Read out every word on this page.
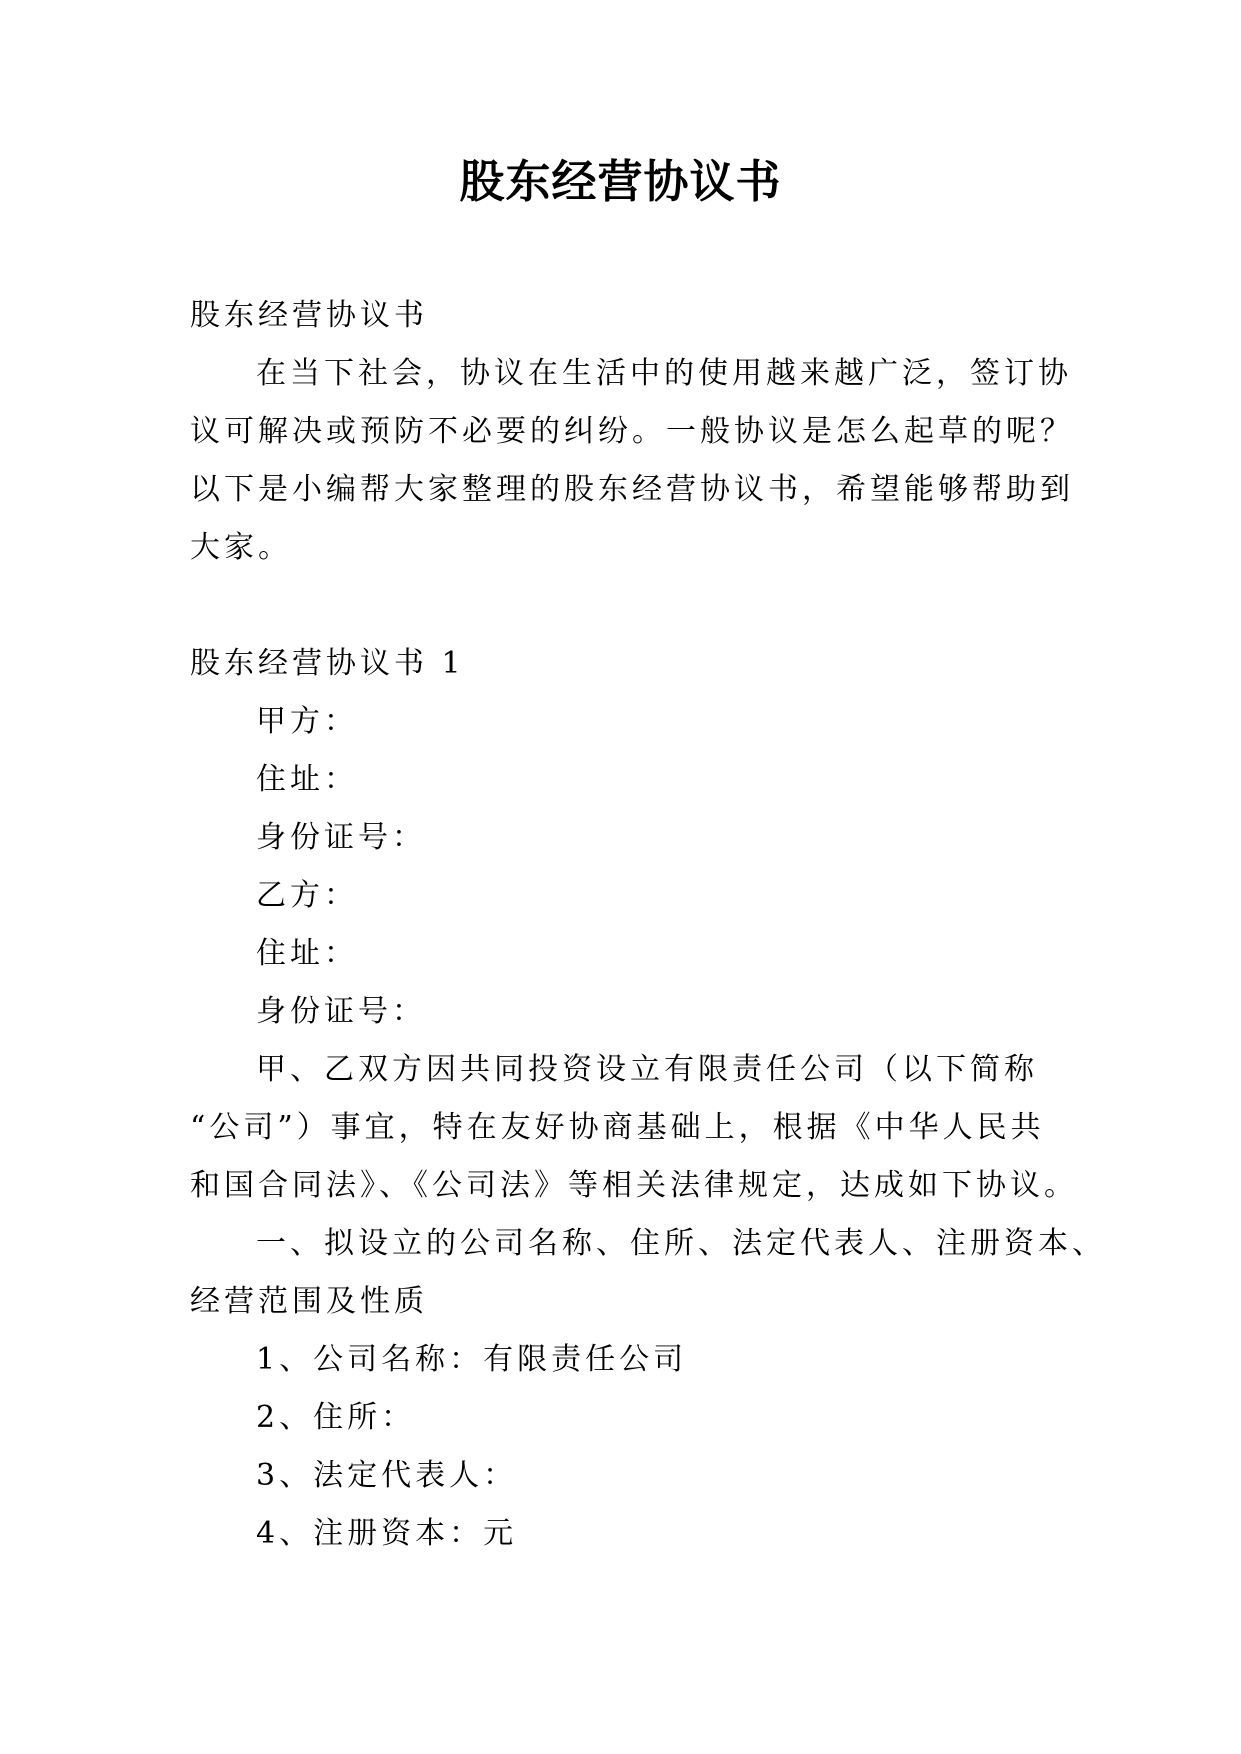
股东经营协议书
股东经营协议书
在当下社会，协议在生活中的使用越来越广泛，签订协
议可解决或预防不必要的纠纷。一般协议是怎么起草的呢？
以下是小编帮大家整理的股东经营协议书，希望能够帮助到
大家。
股东经营协议书 1
甲方：
住址：
身份证号：
乙方：
住址：
身份证号：
甲、乙双方因共同投资设立有限责任公司（以下简称
“公司”）事宜，特在友好协商基础上，根据《中华人民共
和国合同法》、《公司法》等相关法律规定，达成如下协议。
一、拟设立的公司名称、住所、法定代表人、注册资本、
经营范围及性质
1、公司名称：有限责任公司
2、住所：
3、法定代表人：
4、注册资本：元
